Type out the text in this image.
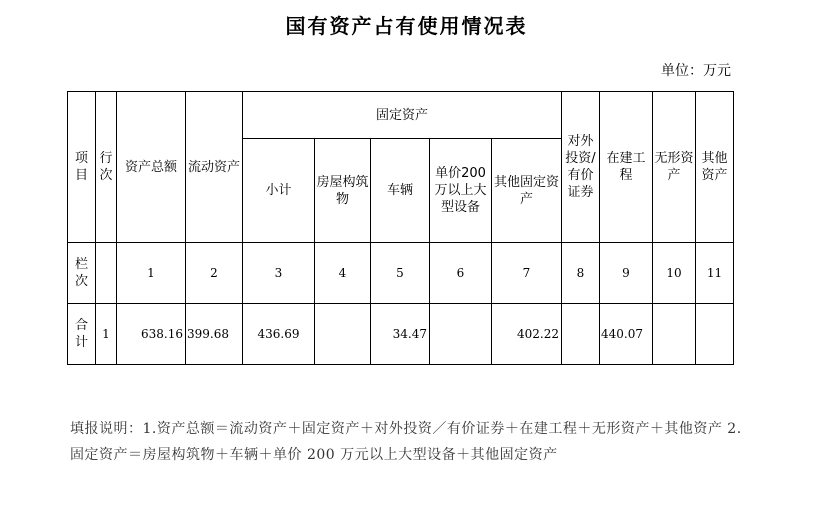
国有资产占有使用情况表
单位：万元
项目	行次	资产总额	流动资产	固定资产					对外投资/有价证券	在建工程	无形资产	其他资产
				小计	房屋构筑物	车辆	单价200万以上大型设备	其他固定资产				
栏次		1	2	3	4	5	6	7	8	9	10	11
合计	1	638.16	399.68	436.69		34.47		402.22		440.07		
填报说明：1.资产总额＝流动资产＋固定资产＋对外投资／有价证券＋在建工程＋无形资产＋其他资产 2.固定资产＝房屋构筑物＋车辆＋单价 200 万元以上大型设备＋其他固定资产
